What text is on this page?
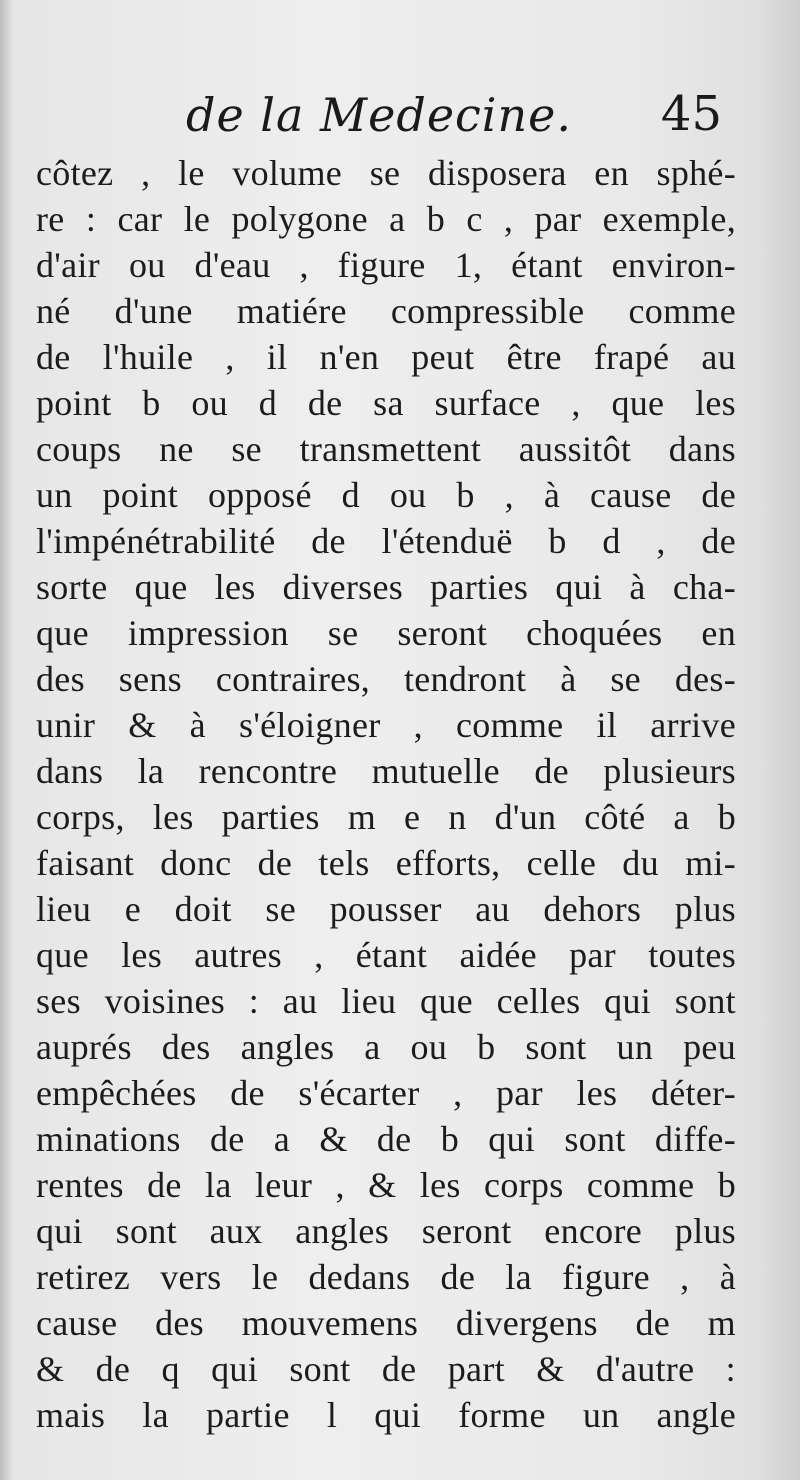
de la Medecine. 45
côtez , le volume se disposera en sphé-
re : car le polygone a b c , par exemple,
d'air ou d'eau , figure 1, étant environ-
né d'une matiére compressible comme
de l'huile , il n'en peut être frapé au
point b ou d de sa surface , que les
coups ne se transmettent aussitôt dans
un point opposé d ou b , à cause de
l'impénétrabilité de l'étenduë b d , de
sorte que les diverses parties qui à cha-
que impression se seront choquées en
des sens contraires, tendront à se des-
unir & à s'éloigner , comme il arrive
dans la rencontre mutuelle de plusieurs
corps, les parties m e n d'un côté a b
faisant donc de tels efforts, celle du mi-
lieu e doit se pousser au dehors plus
que les autres , étant aidée par toutes
ses voisines : au lieu que celles qui sont
auprés des angles a ou b sont un peu
empêchées de s'écarter , par les déter-
minations de a & de b qui sont diffe-
rentes de la leur , & les corps comme b
qui sont aux angles seront encore plus
retirez vers le dedans de la figure , à
cause des mouvemens divergens de m
& de q qui sont de part & d'autre :
mais la partie l qui forme un angle
